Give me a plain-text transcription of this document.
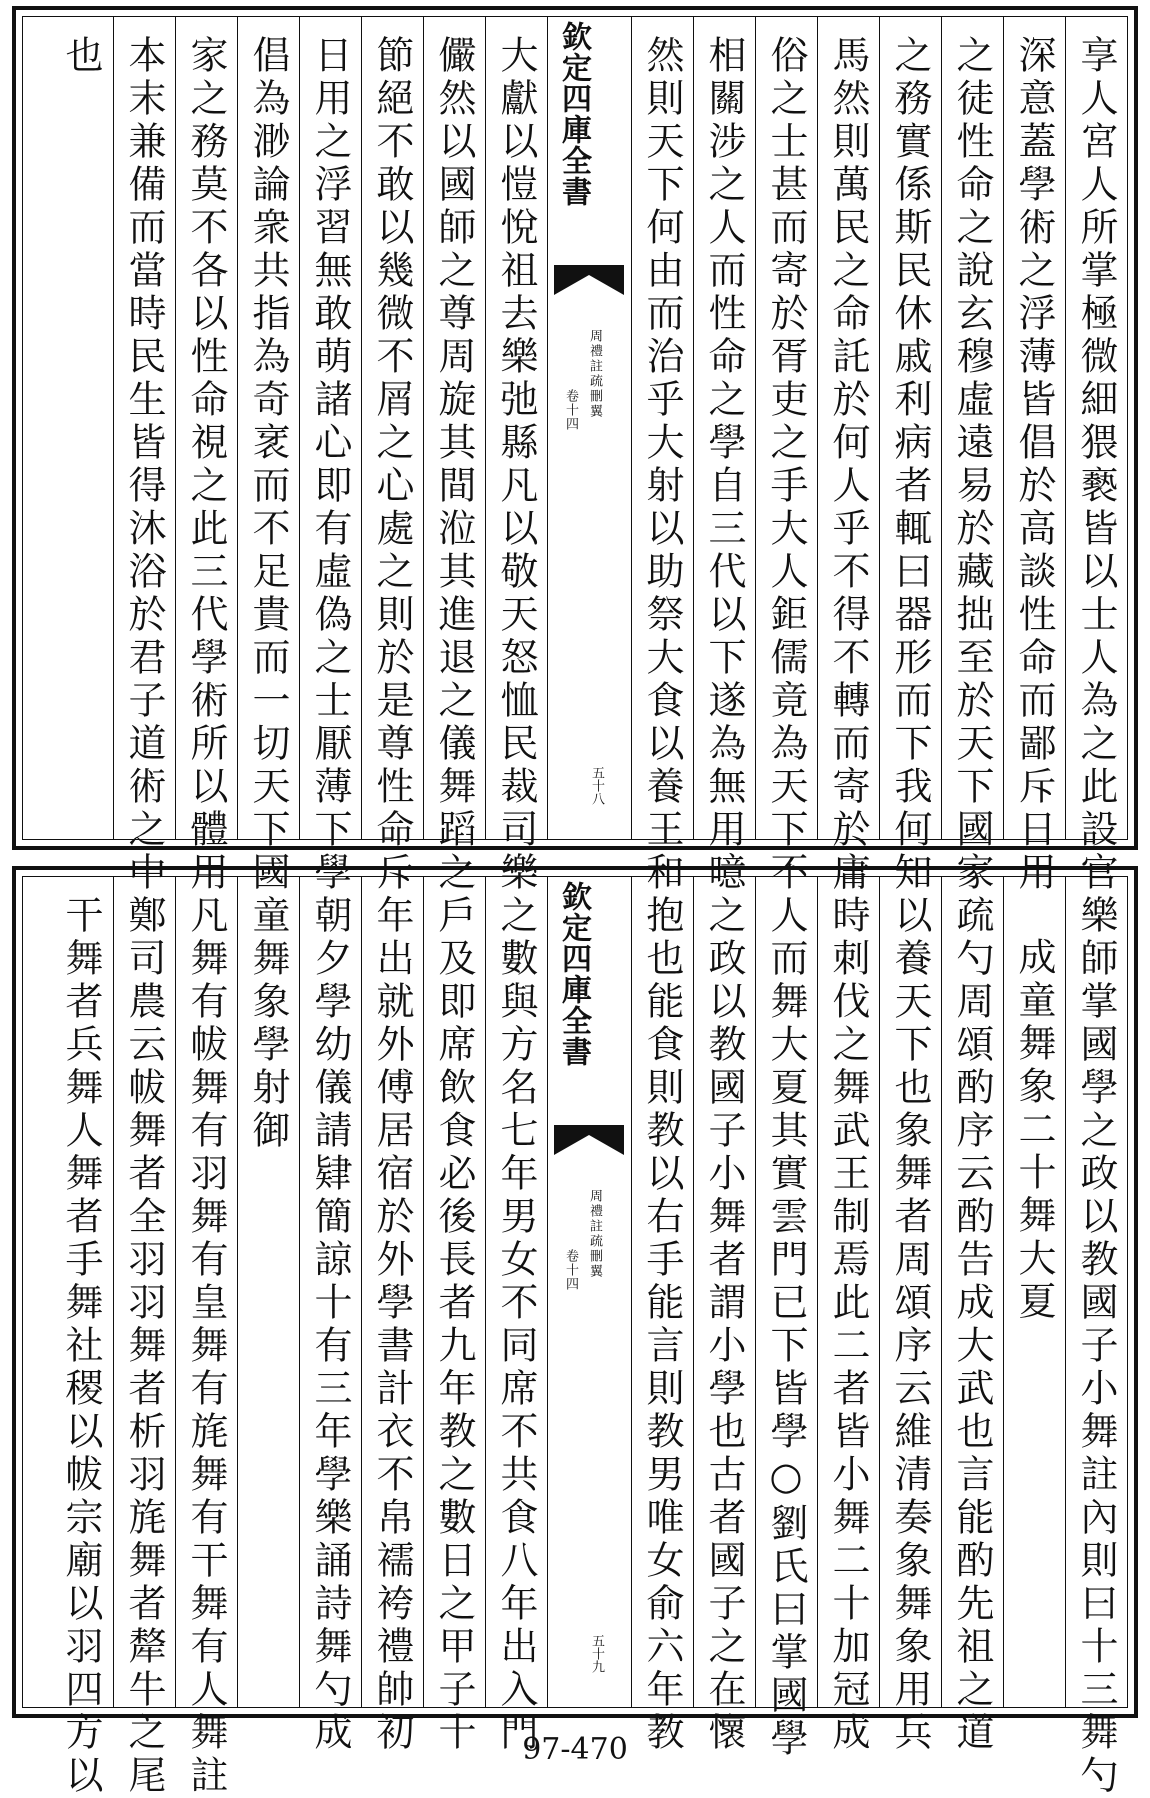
享人宮人所掌極微細猥褻皆以士人為之此設官
深意蓋學術之浮薄皆倡於高談性命而鄙斥日用
之徒性命之說玄穆虛遠易於藏拙至於天下國家
之務實係斯民休戚利病者輒曰器形而下我何知
馬然則萬民之命託於何人乎不得不轉而寄於庸
俗之士甚而寄於胥吏之手大人鉅儒竟為天下不
相關涉之人而性命之學自三代以下遂為無用噫
然則天下何由而治乎大射以助祭大食以養王和
欽定四庫全書
周禮註疏刪翼
卷十四
五十八
大獻以愷悅祖去樂弛縣凡以敬天怒恤民裁司樂
儼然以國師之尊周旋其間涖其進退之儀舞蹈之
節絕不敢以幾微不屑之心處之則於是尊性命斥
日用之浮習無敢萌諸心即有虛偽之士厭薄下學
倡為渺論衆共指為奇衺而不足貴而一切天下國
家之務莫不各以性命視之此三代學術所以體用
本末兼備而當時民生皆得沐浴於君子道術之中
也
樂師掌國學之政以教國子小舞註內則曰十三舞勺
成童舞象二十舞大夏
疏勺周頌酌序云酌告成大武也言能酌先祖之道
以養天下也象舞者周頌序云維清奏象舞象用兵
時刺伐之舞武王制焉此二者皆小舞二十加冠成
人而舞大夏其實雲門已下皆學○劉氏曰掌國學
之政以教國子小舞者謂小學也古者國子之在懷
抱也能食則教以右手能言則教男唯女俞六年教
欽定四庫全書
周禮註疏刪翼
卷十四
五十九
之數與方名七年男女不同席不共食八年出入門
戶及即席飲食必後長者九年教之數日之甲子十
年出就外傅居宿於外學書計衣不帛襦袴禮帥初
朝夕學幼儀請肄簡諒十有三年學樂誦詩舞勺成
童舞象學射御
凡舞有帗舞有羽舞有皇舞有旄舞有干舞有人舞註
鄭司農云帗舞者全羽羽舞者析羽旄舞者犛牛之尾
干舞者兵舞人舞者手舞社稷以帗宗廟以羽四方以	97-470
